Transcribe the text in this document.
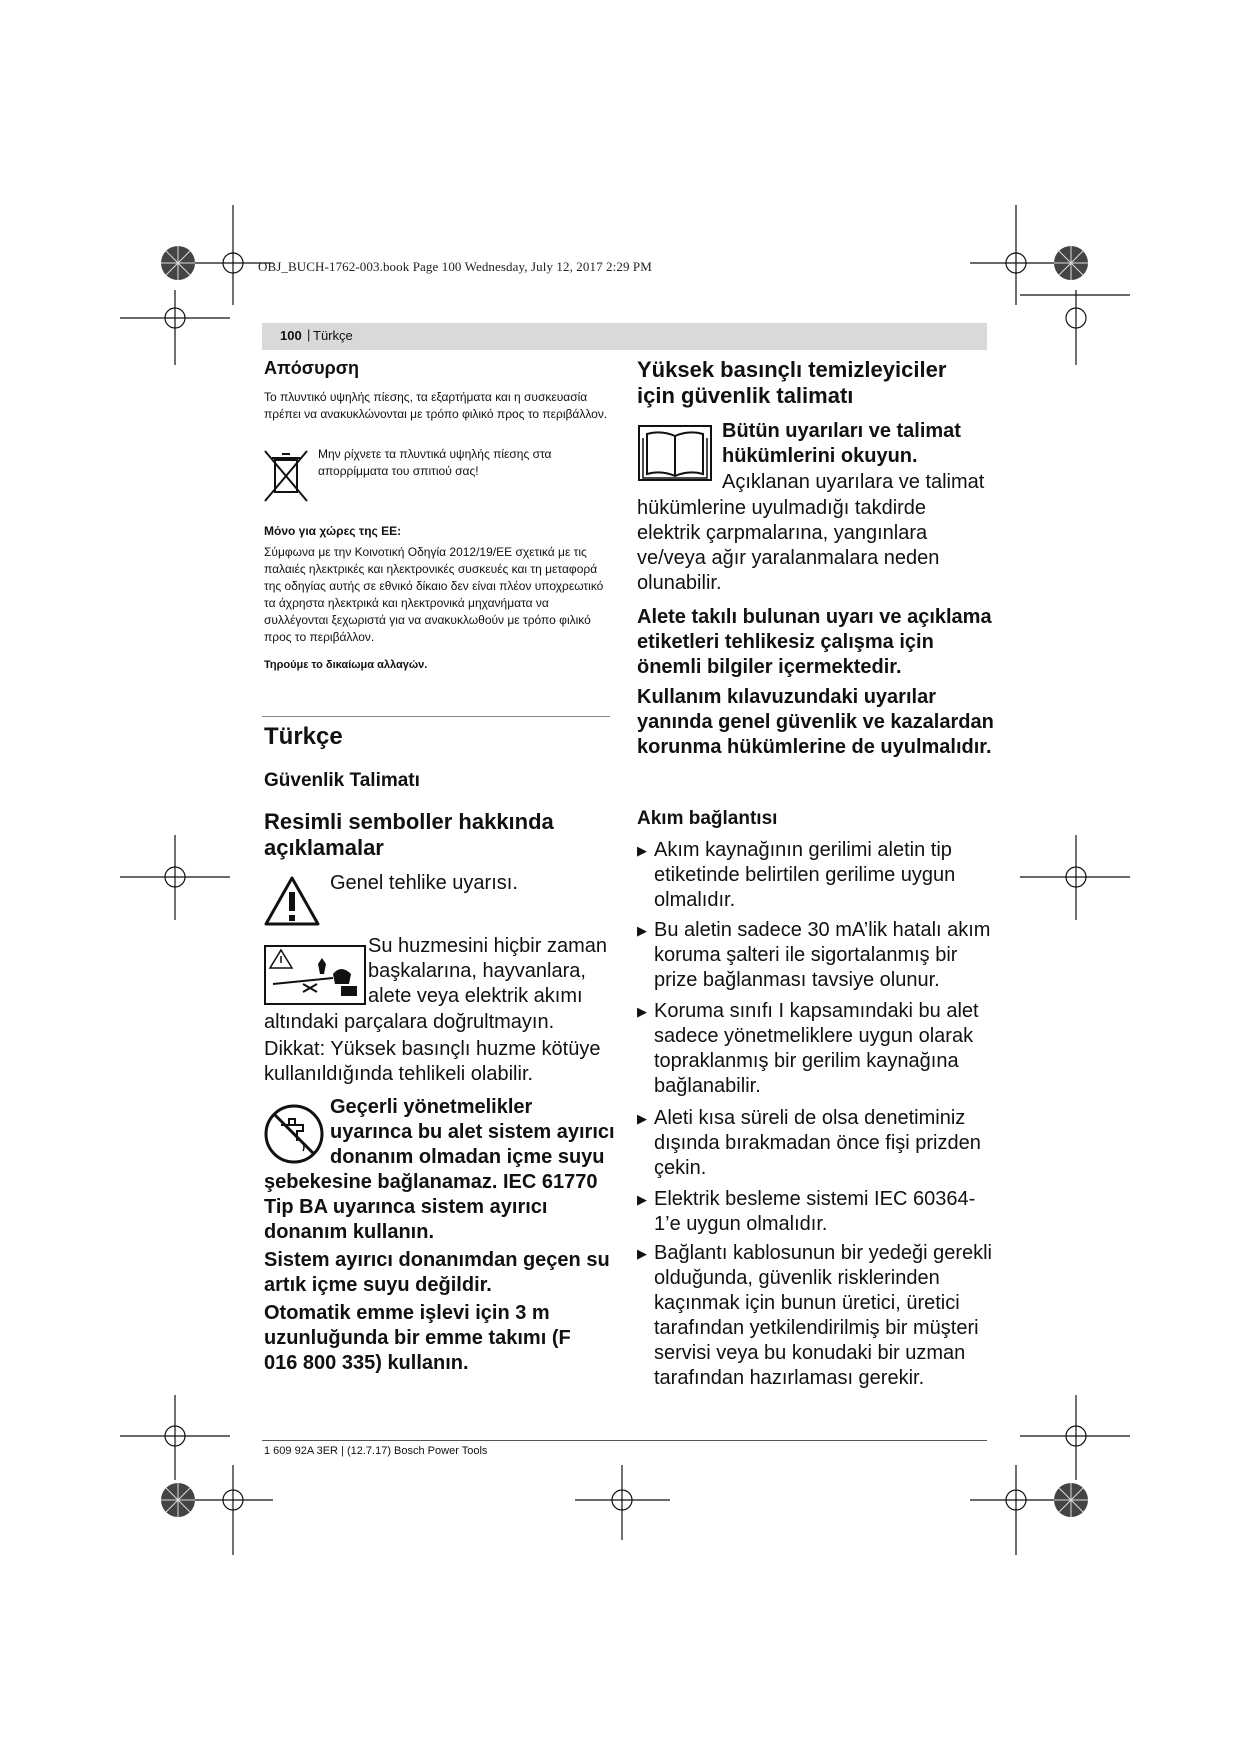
OBJ_BUCH-1762-003.book Page 100 Wednesday, July 12, 2017 2:29 PM
100 | Türkçe
Απόσυρση
Το πλυντικό υψηλής πίεσης, τα εξαρτήματα και η συσκευασία πρέπει να ανακυκλώνονται με τρόπο φιλικό προς το περιβάλλον.
Μην ρίχνετε τα πλυντικά υψηλής πίεσης στα απορρίμματα του σπιτιού σας!
Μόνο για χώρες της ΕΕ:
Σύμφωνα με την Κοινοτική Οδηγία 2012/19/ΕΕ σχετικά με τις παλαιές ηλεκτρικές και ηλεκτρονικές συσκευές και τη μεταφορά της οδηγίας αυτής σε εθνικό δίκαιο δεν είναι πλέον υποχρεωτικό τα άχρηστα ηλεκτρικά και ηλεκτρονικά μηχανήματα να συλλέγονται ξεχωριστά για να ανακυκλωθούν με τρόπο φιλικό προς το περιβάλλον.
Τηρούμε το δικαίωμα αλλαγών.
Türkçe
Güvenlik Talimatı
Resimli semboller hakkında açıklamalar
Genel tehlike uyarısı.
Su huzmesini hiçbir zaman başkalarına, hayvanlara, alete veya elektrik akımı
altındaki parçalara doğrultmayın.
Dikkat: Yüksek basınçlı huzme kötüye kullanıldığında tehlikeli olabilir.
Geçerli yönetmelikler uyarınca bu alet sistem ayırıcı donanım olmadan içme suyu
şebekesine bağlanamaz. IEC 61770 Tip BA uyarınca sistem ayırıcı donanım kullanın.
Sistem ayırıcı donanımdan geçen su artık içme suyu değildir.
Otomatik emme işlevi için 3 m uzunluğunda bir emme takımı (F 016 800 335) kullanın.
Yüksek basınçlı temizleyiciler için güvenlik talimatı
Bütün uyarıları ve talimat hükümlerini okuyun.
Açıklanan uyarılara ve talimat
hükümlerine uyulmadığı takdirde elektrik çarpmalarına, yangınlara ve/veya ağır yaralanmalara neden olunabilir.
Alete takılı bulunan uyarı ve açıklama etiketleri tehlikesiz çalışma için önemli bilgiler içermektedir.
Kullanım kılavuzundaki uyarılar yanında genel güvenlik ve kazalardan korunma hükümlerine de uyulmalıdır.
Akım bağlantısı
▶ Akım kaynağının gerilimi aletin tip etiketinde belirtilen gerilime uygun olmalıdır.
▶ Bu aletin sadece 30 mA’lik hatalı akım koruma şalteri ile sigortalanmış bir prize bağlanması tavsiye olunur.
▶ Koruma sınıfı I kapsamındaki bu alet sadece yönetmeliklere uygun olarak topraklanmış bir gerilim kaynağına bağlanabilir.
▶ Aleti kısa süreli de olsa denetiminiz dışında bırakmadan önce fişi prizden çekin.
▶ Elektrik besleme sistemi IEC 60364-1’e uygun olmalıdır.
▶ Bağlantı kablosunun bir yedeği gerekli olduğunda, güvenlik risklerinden kaçınmak için bunun üretici, üretici tarafından yetkilendirilmiş bir müşteri servisi veya bu konudaki bir uzman tarafından hazırlaması gerekir.
1 609 92A 3ER | (12.7.17) Bosch Power Tools
